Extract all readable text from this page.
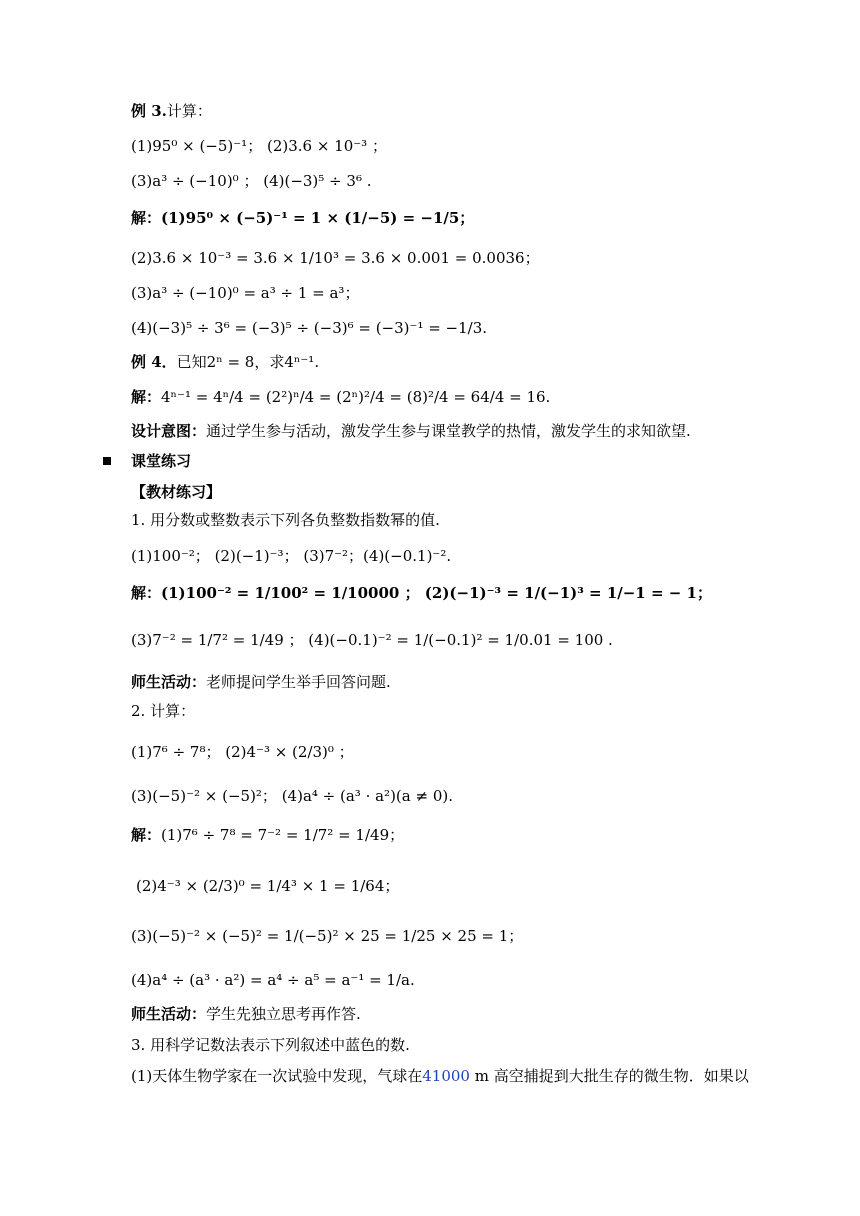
例 3.计算：
(1)95⁰ × (−5)⁻¹； (2)3.6 × 10⁻³ ；
(3)a³ ÷ (−10)⁰ ； (4)(−3)⁵ ÷ 3⁶ .
解：(1)95⁰ × (−5)⁻¹ = 1 × (1/−5) = −1/5；
(2)3.6 × 10⁻³ = 3.6 × 1/10³ = 3.6 × 0.001 = 0.0036；
(3)a³ ÷ (−10)⁰ = a³ ÷ 1 = a³；
(4)(−3)⁵ ÷ 3⁶ = (−3)⁵ ÷ (−3)⁶ = (−3)⁻¹ = −1/3.
例 4．已知2ⁿ = 8，求4ⁿ⁻¹.
解：4ⁿ⁻¹ = 4ⁿ/4 = (2²)ⁿ/4 = (2ⁿ)²/4 = (8)²/4 = 64/4 = 16.
设计意图：通过学生参与活动，激发学生参与课堂教学的热情，激发学生的求知欲望.
课堂练习
【教材练习】
1. 用分数或整数表示下列各负整数指数幂的值.
(1)100⁻²； (2)(−1)⁻³； (3)7⁻²；(4)(−0.1)⁻².
解：(1)100⁻² = 1/100² = 1/10000 ； (2)(−1)⁻³ = 1/(−1)³ = 1/−1 = − 1；
(3)7⁻² = 1/7² = 1/49 ； (4)(−0.1)⁻² = 1/(−0.1)² = 1/0.01 = 100 .
师生活动：老师提问学生举手回答问题.
2. 计算：
(1)7⁶ ÷ 7⁸； (2)4⁻³ × (2/3)⁰ ；
(3)(−5)⁻² × (−5)²； (4)a⁴ ÷ (a³ · a²)(a ≠ 0).
解：(1)7⁶ ÷ 7⁸ = 7⁻² = 1/7² = 1/49；
(2)4⁻³ × (2/3)⁰ = 1/4³ × 1 = 1/64；
(3)(−5)⁻² × (−5)² = 1/(−5)² × 25 = 1/25 × 25 = 1；
(4)a⁴ ÷ (a³ · a²) = a⁴ ÷ a⁵ = a⁻¹ = 1/a.
师生活动：学生先独立思考再作答.
3. 用科学记数法表示下列叙述中蓝色的数.
(1)天体生物学家在一次试验中发现，气球在41000 m 高空捕捉到大批生存的微生物．如果以
